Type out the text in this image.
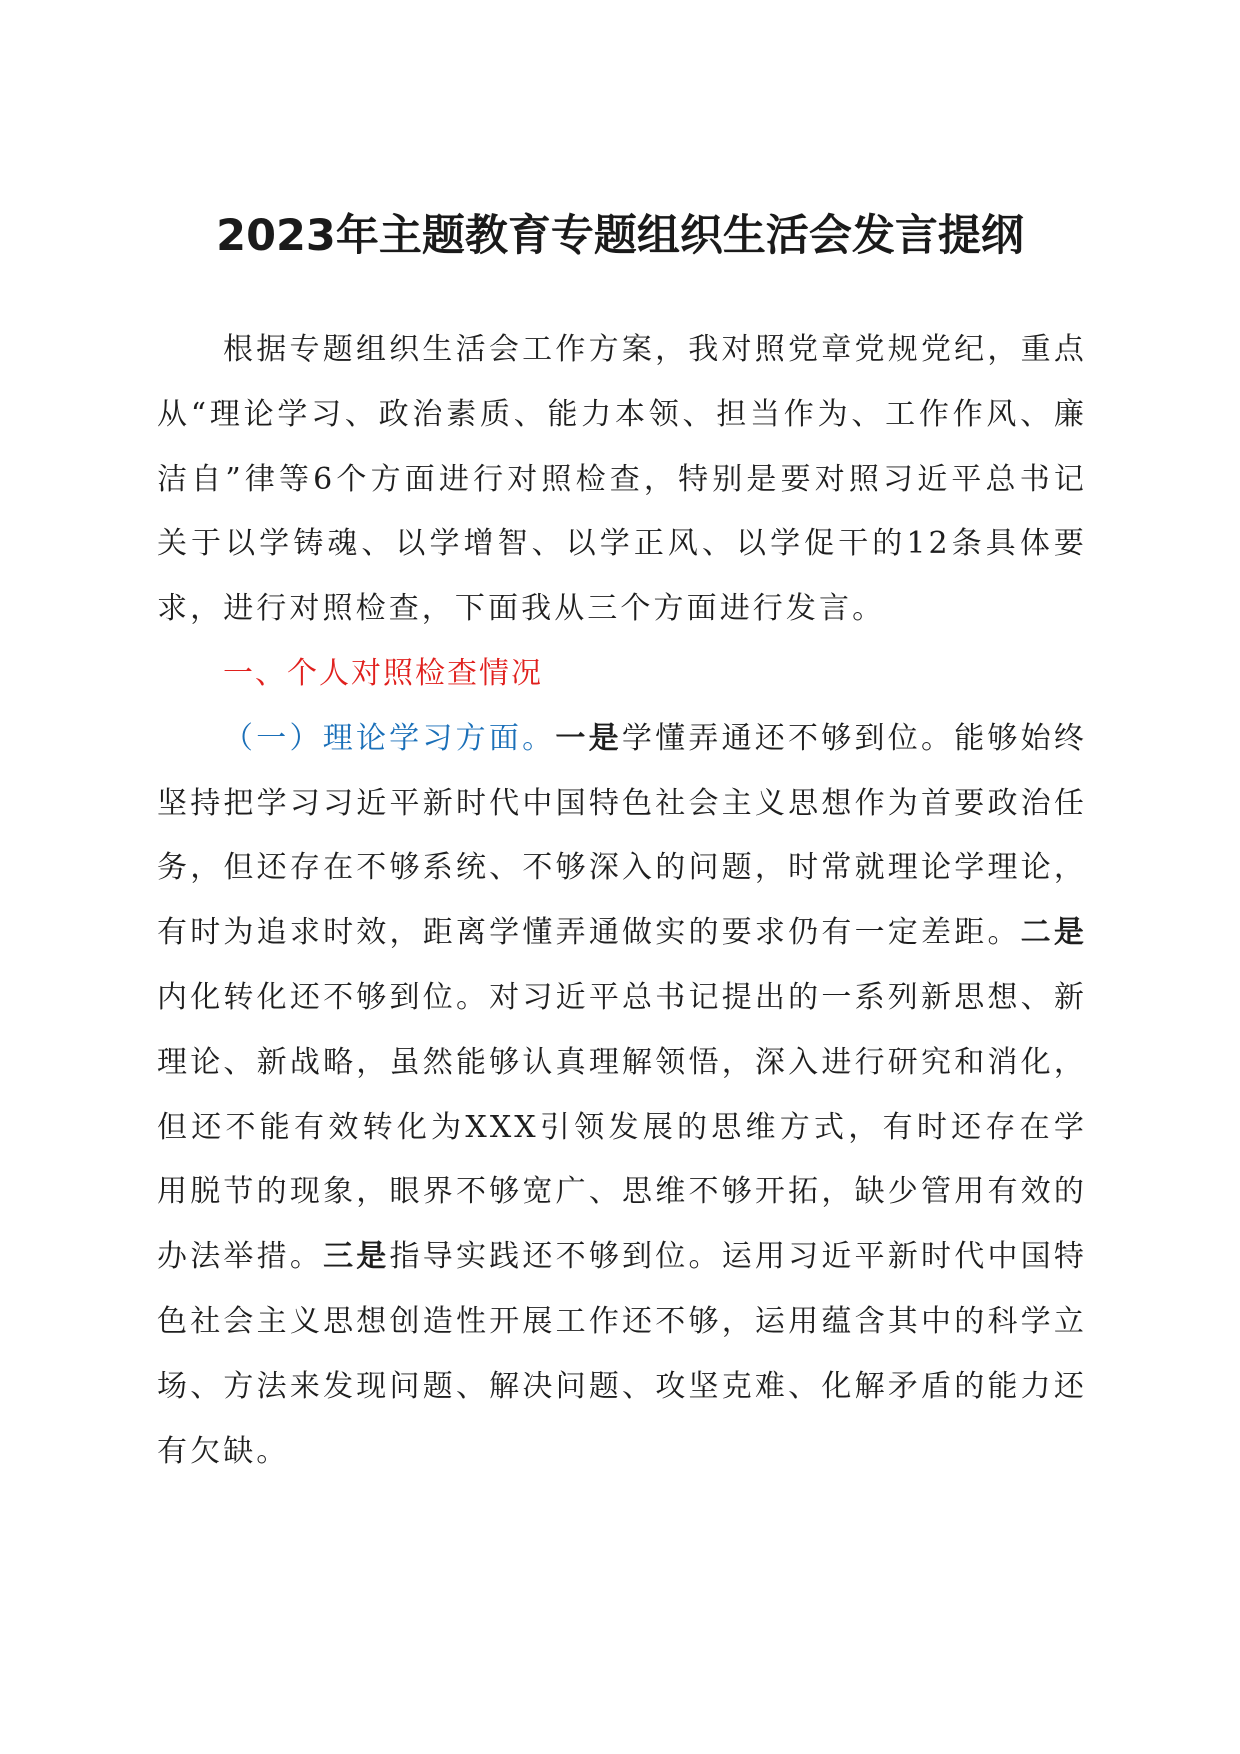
2023年主题教育专题组织生活会发言提纲

根据专题组织生活会工作方案，我对照党章党规党纪，重点从“理论学习、政治素质、能力本领、担当作为、工作作风、廉洁自”律等6个方面进行对照检查，特别是要对照习近平总书记关于以学铸魂、以学增智、以学正风、以学促干的12条具体要求，进行对照检查，下面我从三个方面进行发言。

一、个人对照检查情况

（一）理论学习方面。一是学懂弄通还不够到位。能够始终坚持把学习习近平新时代中国特色社会主义思想作为首要政治任务，但还存在不够系统、不够深入的问题，时常就理论学理论，有时为追求时效，距离学懂弄通做实的要求仍有一定差距。二是内化转化还不够到位。对习近平总书记提出的一系列新思想、新理论、新战略，虽然能够认真理解领悟，深入进行研究和消化，但还不能有效转化为XXX引领发展的思维方式，有时还存在学用脱节的现象，眼界不够宽广、思维不够开拓，缺少管用有效的办法举措。三是指导实践还不够到位。运用习近平新时代中国特色社会主义思想创造性开展工作还不够，运用蕴含其中的科学立场、方法来发现问题、解决问题、攻坚克难、化解矛盾的能力还有欠缺。
